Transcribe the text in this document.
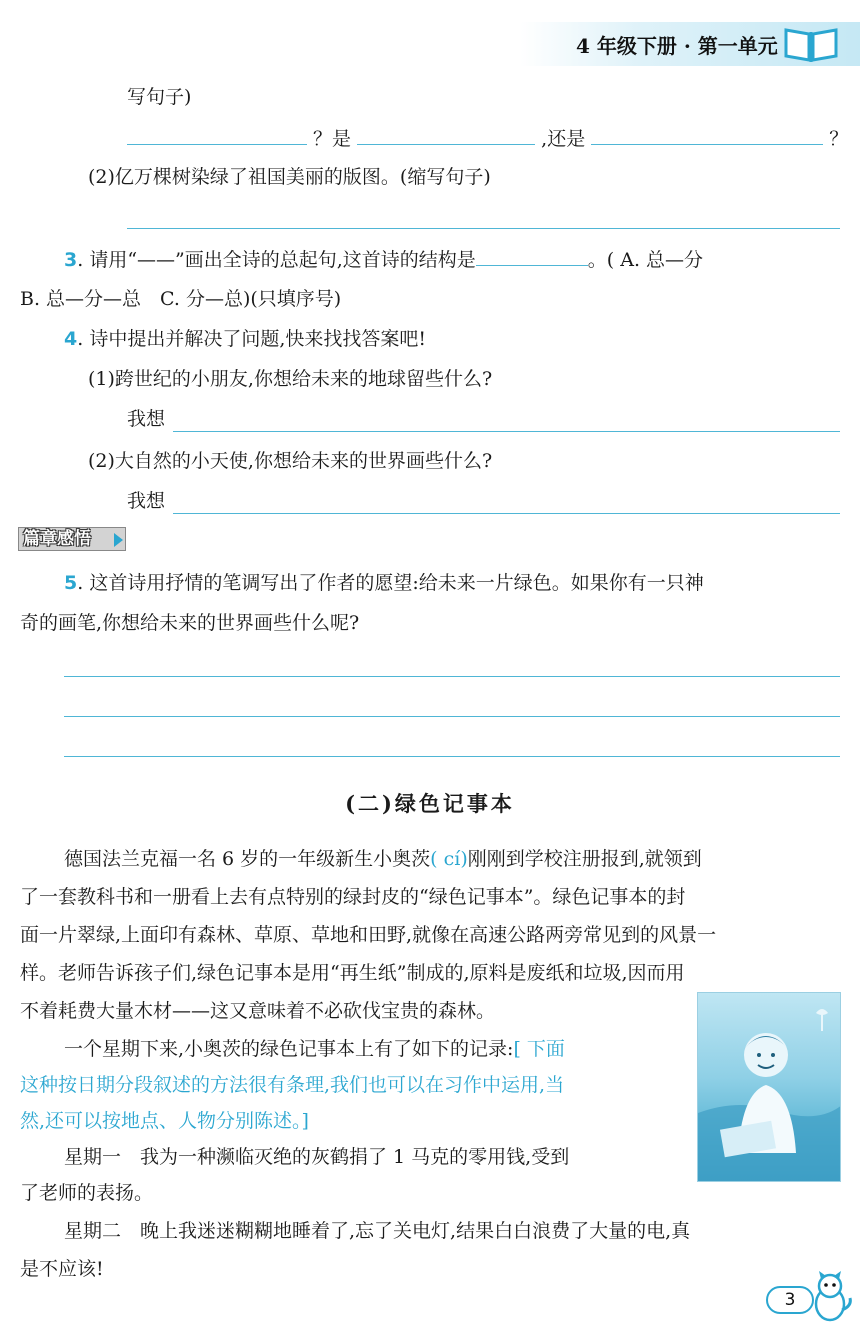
4 年级下册 · 第一单元
写句子)
？是	,还是	？
(2)亿万棵树染绿了祖国美丽的版图。(缩写句子)
3. 请用“——”画出全诗的总起句,这首诗的结构是	。( A. 总—分
B. 总—分—总　C. 分—总)(只填序号)
4. 诗中提出并解决了问题,快来找找答案吧!
(1)跨世纪的小朋友,你想给未来的地球留些什么?
我想
(2)大自然的小天使,你想给未来的世界画些什么?
我想
篇章感悟
5. 这首诗用抒情的笔调写出了作者的愿望:给未来一片绿色。如果你有一只神
奇的画笔,你想给未来的世界画些什么呢?
(二)绿色记事本
德国法兰克福一名 6 岁的一年级新生小奥茨( cí)刚刚到学校注册报到,就领到
了一套教科书和一册看上去有点特别的绿封皮的“绿色记事本”。绿色记事本的封
面一片翠绿,上面印有森林、草原、草地和田野,就像在高速公路两旁常见到的风景一
样。老师告诉孩子们,绿色记事本是用“再生纸”制成的,原料是废纸和垃圾,因而用
不着耗费大量木材——这又意味着不必砍伐宝贵的森林。
一个星期下来,小奥茨的绿色记事本上有了如下的记录:[ 下面
这种按日期分段叙述的方法很有条理,我们也可以在习作中运用,当
然,还可以按地点、人物分别陈述。]
星期一　我为一种濒临灭绝的灰鹤捐了 1 马克的零用钱,受到
了老师的表扬。
星期二　晚上我迷迷糊糊地睡着了,忘了关电灯,结果白白浪费了大量的电,真
是不应该!
3
